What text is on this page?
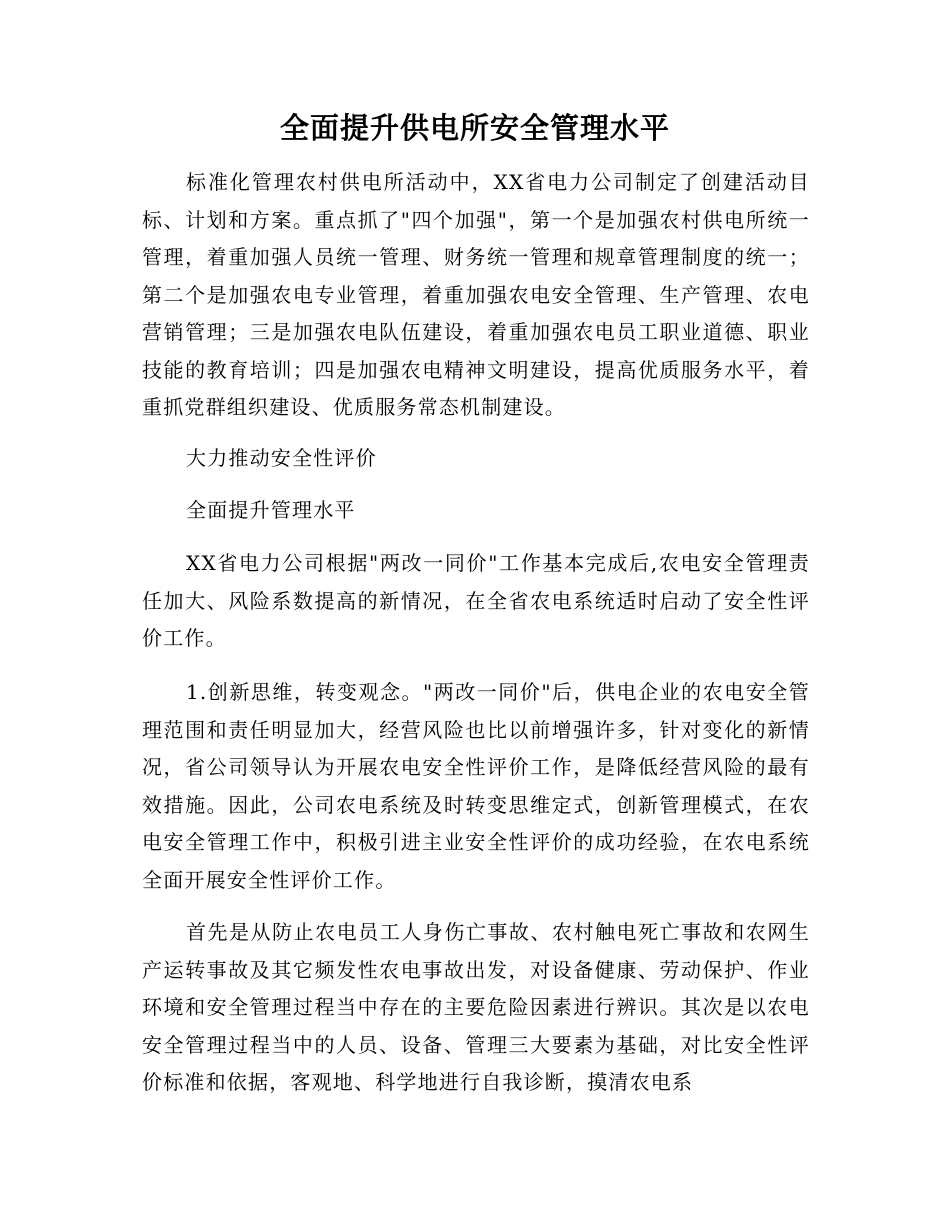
全面提升供电所安全管理水平

标准化管理农村供电所活动中，XX省电力公司制定了创建活动目标、计划和方案。重点抓了"四个加强"，第一个是加强农村供电所统一管理，着重加强人员统一管理、财务统一管理和规章管理制度的统一；第二个是加强农电专业管理，着重加强农电安全管理、生产管理、农电营销管理；三是加强农电队伍建设，着重加强农电员工职业道德、职业技能的教育培训；四是加强农电精神文明建设，提高优质服务水平，着重抓党群组织建设、优质服务常态机制建设。

大力推动安全性评价

全面提升管理水平

XX省电力公司根据"两改一同价"工作基本完成后,农电安全管理责任加大、风险系数提高的新情况，在全省农电系统适时启动了安全性评价工作。

1.创新思维，转变观念。"两改一同价"后，供电企业的农电安全管理范围和责任明显加大，经营风险也比以前增强许多，针对变化的新情况，省公司领导认为开展农电安全性评价工作，是降低经营风险的最有效措施。因此，公司农电系统及时转变思维定式，创新管理模式，在农电安全管理工作中，积极引进主业安全性评价的成功经验，在农电系统全面开展安全性评价工作。

首先是从防止农电员工人身伤亡事故、农村触电死亡事故和农网生产运转事故及其它频发性农电事故出发，对设备健康、劳动保护、作业环境和安全管理过程当中存在的主要危险因素进行辨识。其次是以农电安全管理过程当中的人员、设备、管理三大要素为基础，对比安全性评价标准和依据，客观地、科学地进行自我诊断，摸清农电系
